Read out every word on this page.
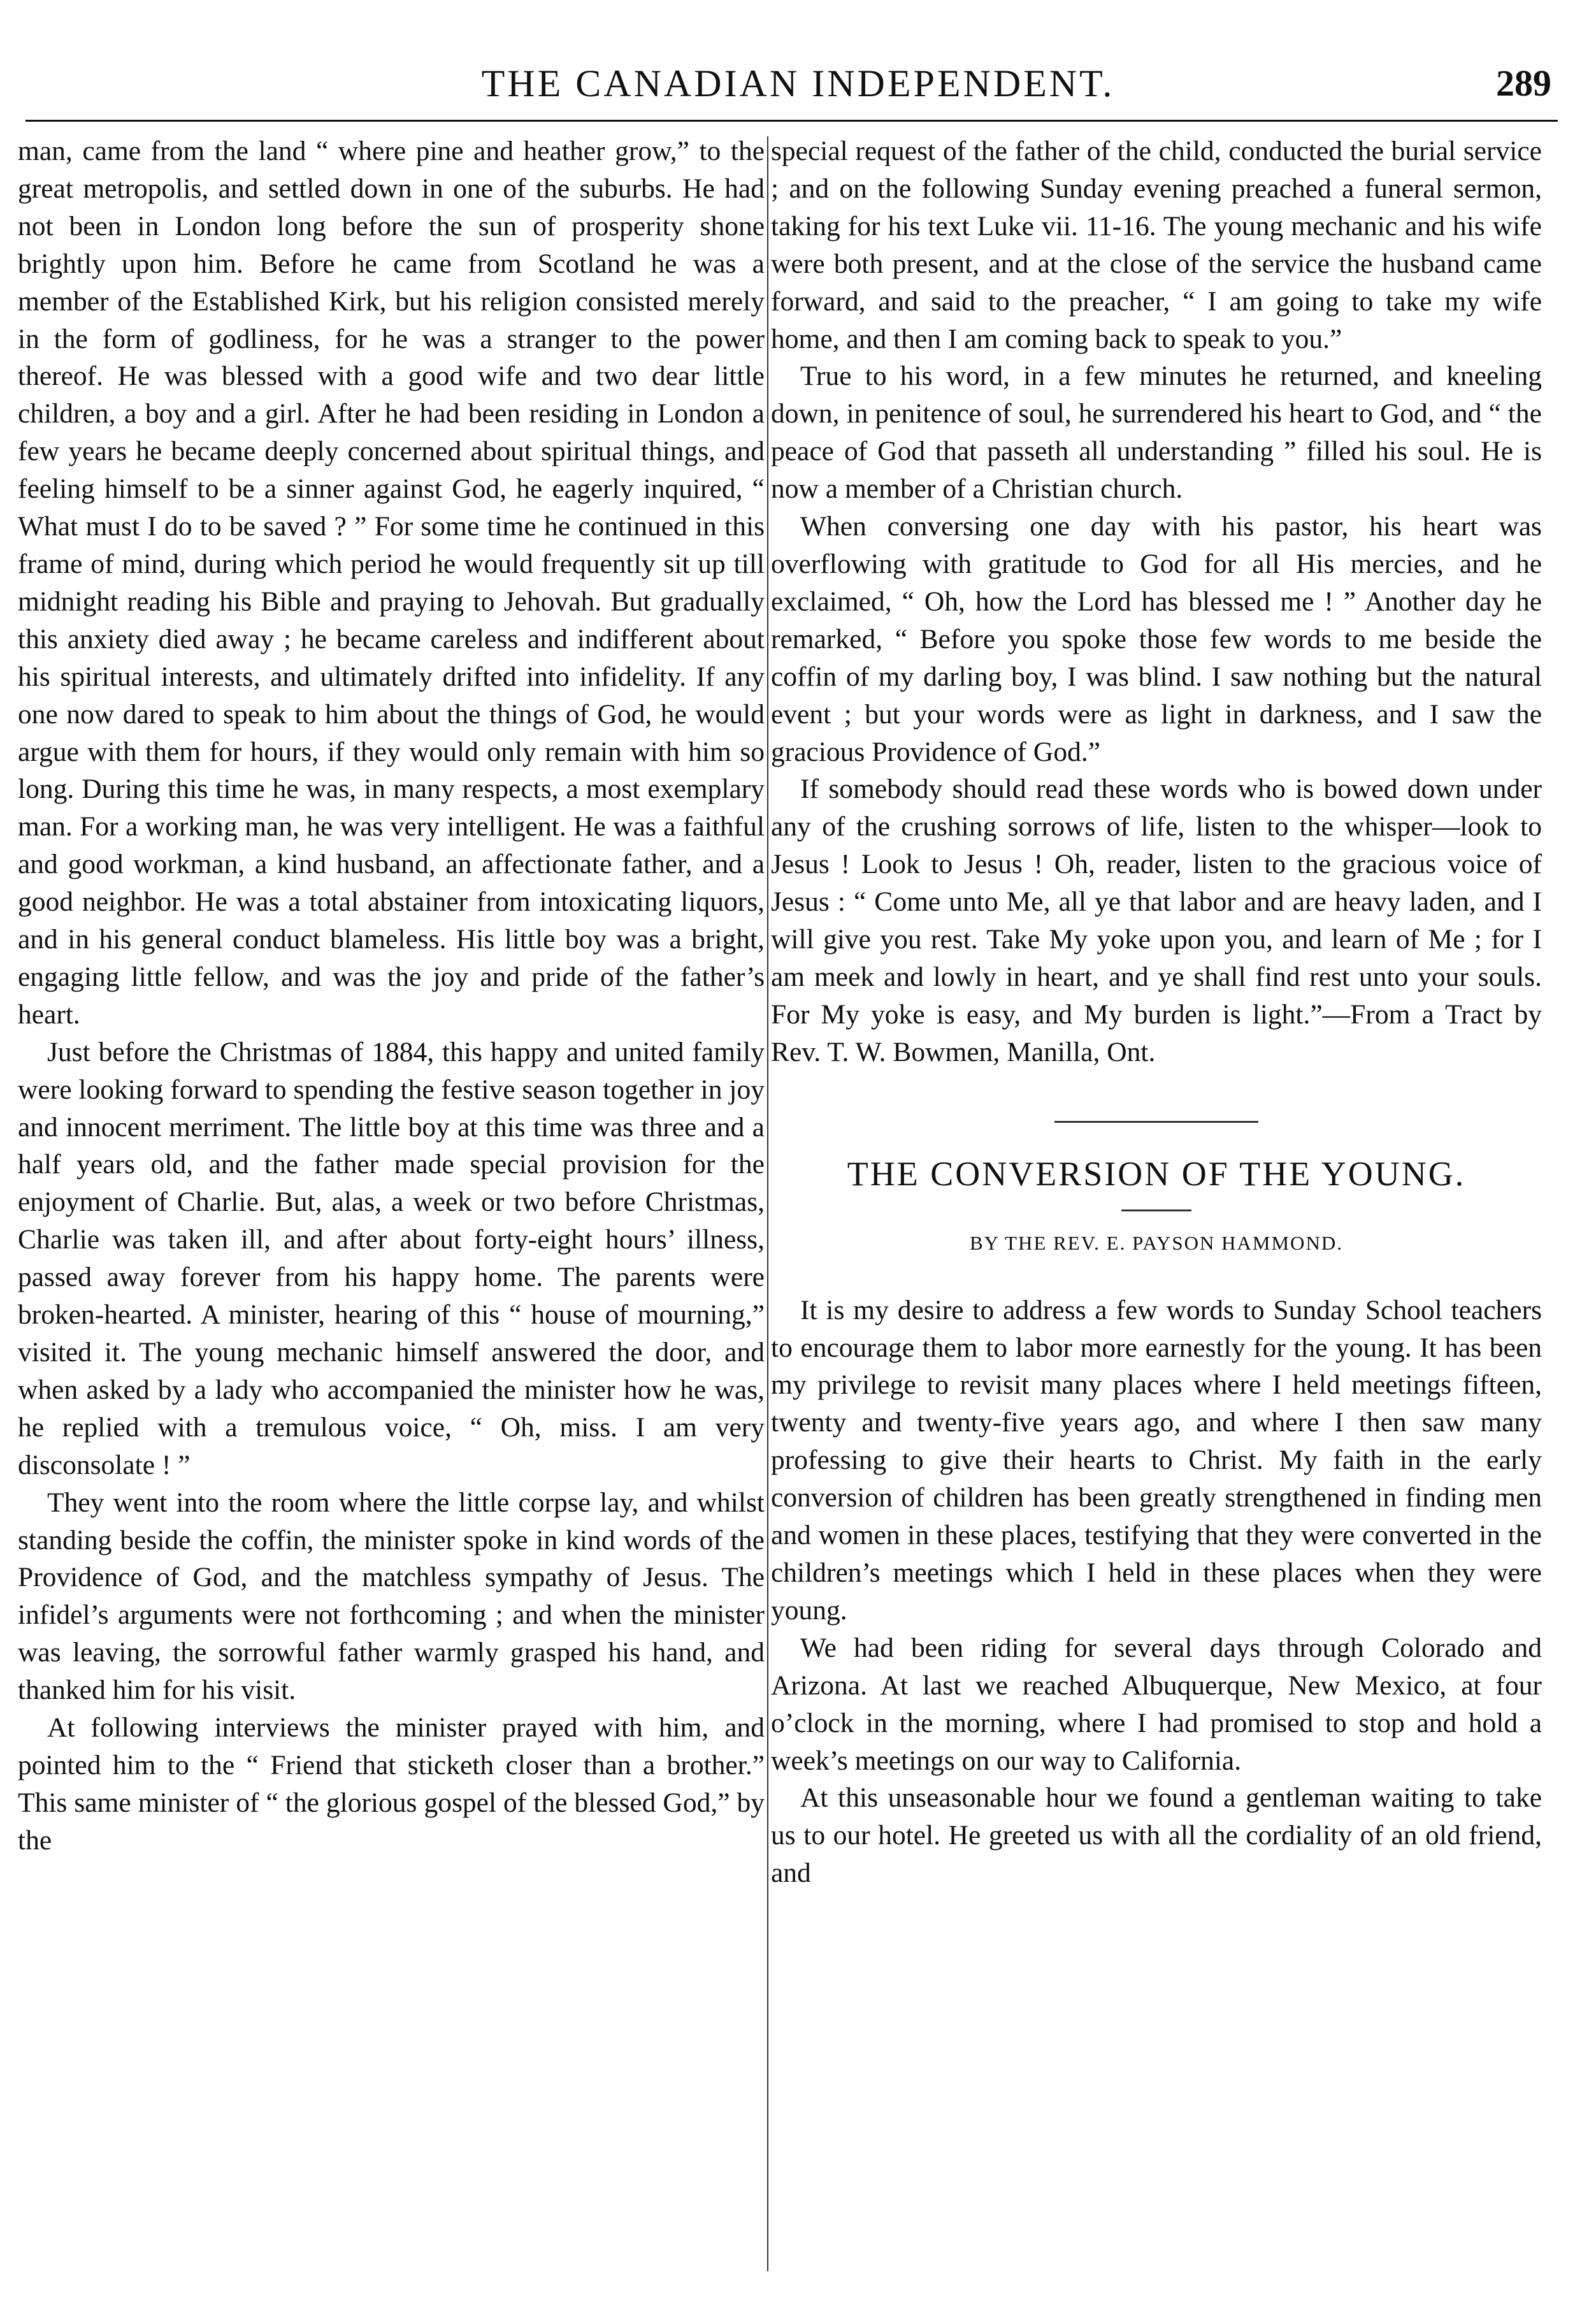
THE CANADIAN INDEPENDENT.	289

man, came from the land “ where pine and heather grow,” to the great metropolis, and settled down in one of the suburbs. He had not been in London long before the sun of prosperity shone brightly upon him. Before he came from Scotland he was a member of the Established Kirk, but his religion consisted merely in the form of godliness, for he was a stranger to the power thereof. He was blessed with a good wife and two dear little children, a boy and a girl. After he had been residing in London a few years he became deeply concerned about spiritual things, and feeling himself to be a sinner against God, he eagerly inquired, “ What must I do to be saved ? ” For some time he continued in this frame of mind, during which period he would frequently sit up till midnight reading his Bible and praying to Jehovah. But gradually this anxiety died away ; he became careless and indifferent about his spiritual interests, and ultimately drifted into infidelity. If any one now dared to speak to him about the things of God, he would argue with them for hours, if they would only remain with him so long. During this time he was, in many respects, a most exemplary man. For a working man, he was very intelligent. He was a faithful and good workman, a kind husband, an affectionate father, and a good neighbor. He was a total abstainer from intoxicating liquors, and in his general conduct blameless. His little boy was a bright, engaging little fellow, and was the joy and pride of the father’s heart.

Just before the Christmas of 1884, this happy and united family were looking forward to spending the festive season together in joy and innocent merriment. The little boy at this time was three and a half years old, and the father made special provision for the enjoyment of Charlie. But, alas, a week or two before Christmas, Charlie was taken ill, and after about forty-eight hours’ illness, passed away forever from his happy home. The parents were broken-hearted. A minister, hearing of this “ house of mourning,” visited it. The young mechanic himself answered the door, and when asked by a lady who accompanied the minister how he was, he replied with a tremulous voice, “ Oh, miss. I am very disconsolate ! ”

They went into the room where the little corpse lay, and whilst standing beside the coffin, the minister spoke in kind words of the Providence of God, and the matchless sympathy of Jesus. The infidel’s arguments were not forthcoming ; and when the minister was leaving, the sorrowful father warmly grasped his hand, and thanked him for his visit.

At following interviews the minister prayed with him, and pointed him to the “ Friend that sticketh closer than a brother.” This same minister of “ the glorious gospel of the blessed God,” by the

special request of the father of the child, conducted the burial service ; and on the following Sunday evening preached a funeral sermon, taking for his text Luke vii. 11-16. The young mechanic and his wife were both present, and at the close of the service the husband came forward, and said to the preacher, “ I am going to take my wife home, and then I am coming back to speak to you.”

True to his word, in a few minutes he returned, and kneeling down, in penitence of soul, he surrendered his heart to God, and “ the peace of God that passeth all understanding ” filled his soul. He is now a member of a Christian church.

When conversing one day with his pastor, his heart was overflowing with gratitude to God for all His mercies, and he exclaimed, “ Oh, how the Lord has blessed me ! ” Another day he remarked, “ Before you spoke those few words to me beside the coffin of my darling boy, I was blind. I saw nothing but the natural event ; but your words were as light in darkness, and I saw the gracious Providence of God.”

If somebody should read these words who is bowed down under any of the crushing sorrows of life, listen to the whisper—look to Jesus ! Look to Jesus ! Oh, reader, listen to the gracious voice of Jesus : “ Come unto Me, all ye that labor and are heavy laden, and I will give you rest. Take My yoke upon you, and learn of Me ; for I am meek and lowly in heart, and ye shall find rest unto your souls. For My yoke is easy, and My burden is light.”—From a Tract by Rev. T. W. Bowmen, Manilla, Ont.

THE CONVERSION OF THE YOUNG.
BY THE REV. E. PAYSON HAMMOND.

It is my desire to address a few words to Sunday School teachers to encourage them to labor more earnestly for the young. It has been my privilege to revisit many places where I held meetings fifteen, twenty and twenty-five years ago, and where I then saw many professing to give their hearts to Christ. My faith in the early conversion of children has been greatly strengthened in finding men and women in these places, testifying that they were converted in the children’s meetings which I held in these places when they were young.

We had been riding for several days through Colorado and Arizona. At last we reached Albuquerque, New Mexico, at four o’clock in the morning, where I had promised to stop and hold a week’s meetings on our way to California.

At this unseasonable hour we found a gentleman waiting to take us to our hotel. He greeted us with all the cordiality of an old friend, and
